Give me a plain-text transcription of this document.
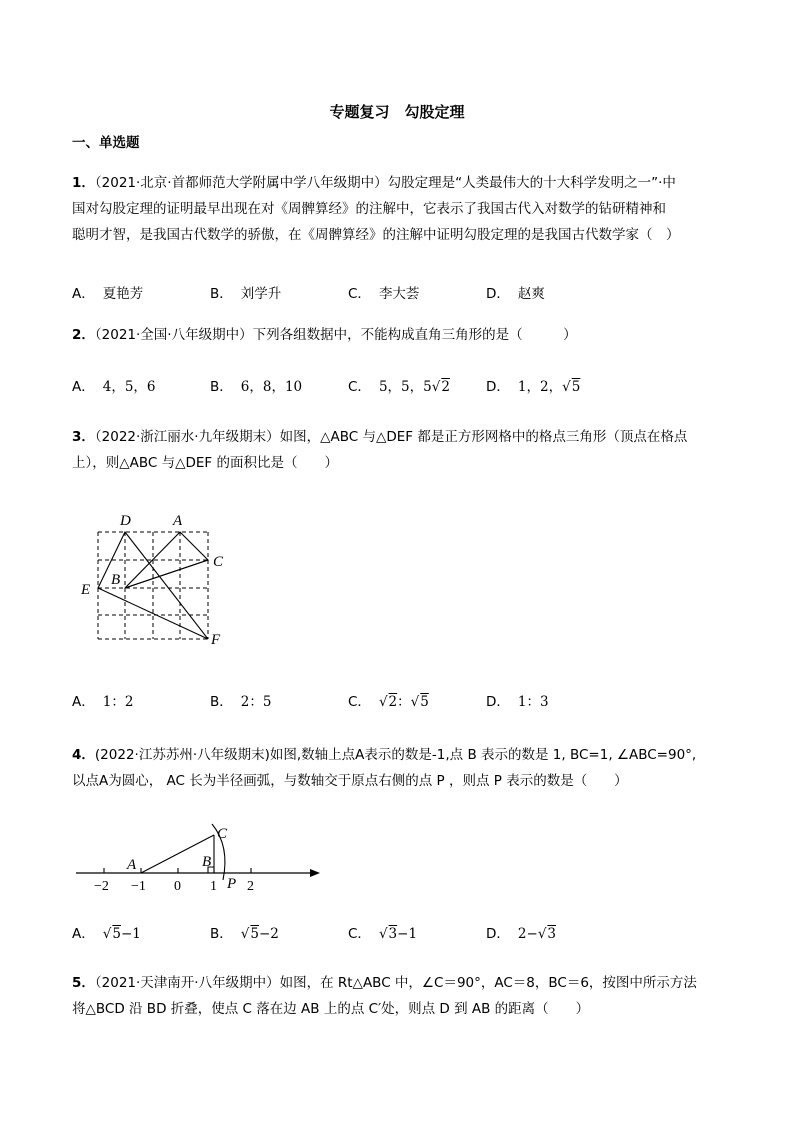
专题复习　勾股定理
一、单选题
1．（2021·北京·首都师范大学附属中学八年级期中）勾股定理是“人类最伟大的十大科学发明之一”·中
国对勾股定理的证明最早出现在对《周髀算经》的注解中，它表示了我国古代入对数学的钻研精神和
聪明才智，是我国古代数学的骄傲，在《周髀算经》的注解中证明勾股定理的是我国古代数学家（　）
A． 夏艳芳	B． 刘学升	C． 李大荟	D． 赵爽
2．（2021·全国·八年级期中）下列各组数据中，不能构成直角三角形的是（　　　）
A． 4，5，6	B． 6，8，10	C． 5，5，5√2	D． 1，2，√5
3．（2022·浙江丽水·九年级期末）如图，△ABC 与△DEF 都是正方形网格中的格点三角形（顶点在格点
上），则△ABC 与△DEF 的面积比是（　　）
D	A
C
B
E
F
A． 1：2	B． 2：5	C． √2：√5	D． 1：3
4．(2022·江苏苏州·八年级期末)如图,数轴上点A表示的数是-1,点 B 表示的数是 1, BC=1, ∠ABC=90°,
以点A为圆心， AC 长为半径画弧，与数轴交于原点右侧的点 P ，则点 P 表示的数是（　　）
C
A	B
P
−2 −1 0 1 2
A． √5−1	B． √5−2	C． √3−1	D． 2−√3
5．（2021·天津南开·八年级期中）如图，在 Rt△ABC 中，∠C＝90°，AC＝8，BC＝6，按图中所示方法
将△BCD 沿 BD 折叠，使点 C 落在边 AB 上的点 C′处，则点 D 到 AB 的距离（　　）
